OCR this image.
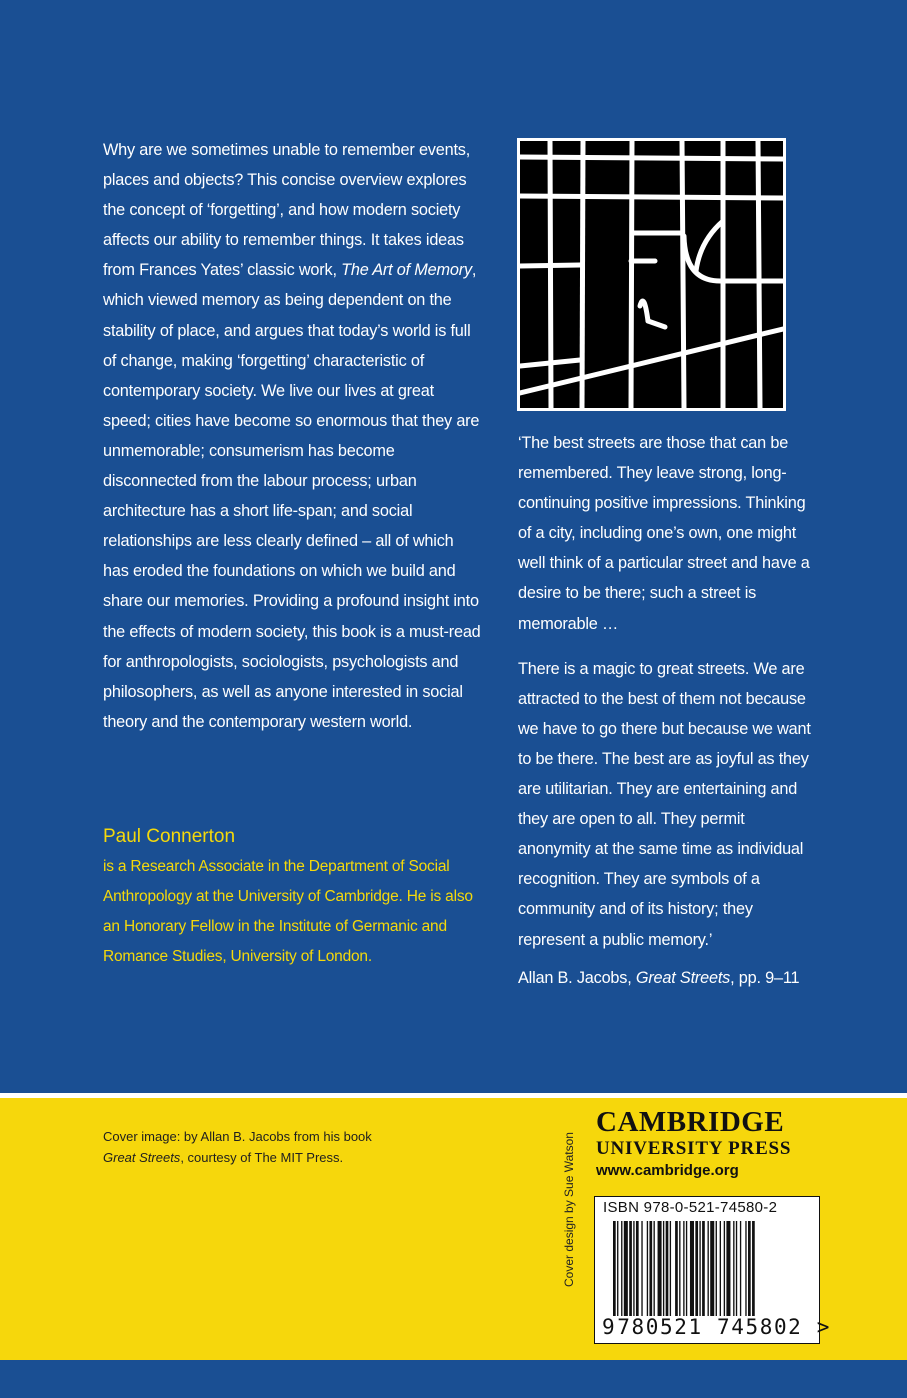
Why are we sometimes unable to remember events, places and objects? This concise overview explores the concept of ‘forgetting’, and how modern society affects our ability to remember things. It takes ideas from Frances Yates’ classic work, The Art of Memory, which viewed memory as being dependent on the stability of place, and argues that today’s world is full of change, making ‘forgetting’ characteristic of contemporary society. We live our lives at great speed; cities have become so enormous that they are unmemorable; consumerism has become disconnected from the labour process; urban architecture has a short life-span; and social relationships are less clearly defined – all of which has eroded the foundations on which we build and share our memories. Providing a profound insight into the effects of modern society, this book is a must-read for anthropologists, sociologists, psychologists and philosophers, as well as anyone interested in social theory and the contemporary western world.

Paul Connerton

is a Research Associate in the Department of Social Anthropology at the University of Cambridge. He is also an Honorary Fellow in the Institute of Germanic and Romance Studies, University of London.

‘The best streets are those that can be remembered. They leave strong, long-continuing positive impressions. Thinking of a city, including one’s own, one might well think of a particular street and have a desire to be there; such a street is memorable …

There is a magic to great streets. We are attracted to the best of them not because we have to go there but because we want to be there. The best are as joyful as they are utilitarian. They are entertaining and they are open to all. They permit anonymity at the same time as individual recognition. They are symbols of a community and of its history; they represent a public memory.’

Allan B. Jacobs, Great Streets, pp. 9–11

Cover image: by Allan B. Jacobs from his book
Great Streets, courtesy of The MIT Press.	Cover design by Sue Watson

CAMBRIDGE

UNIVERSITY PRESS

www.cambridge.org

ISBN 978-0-521-74580-2
9780521 745802 >
